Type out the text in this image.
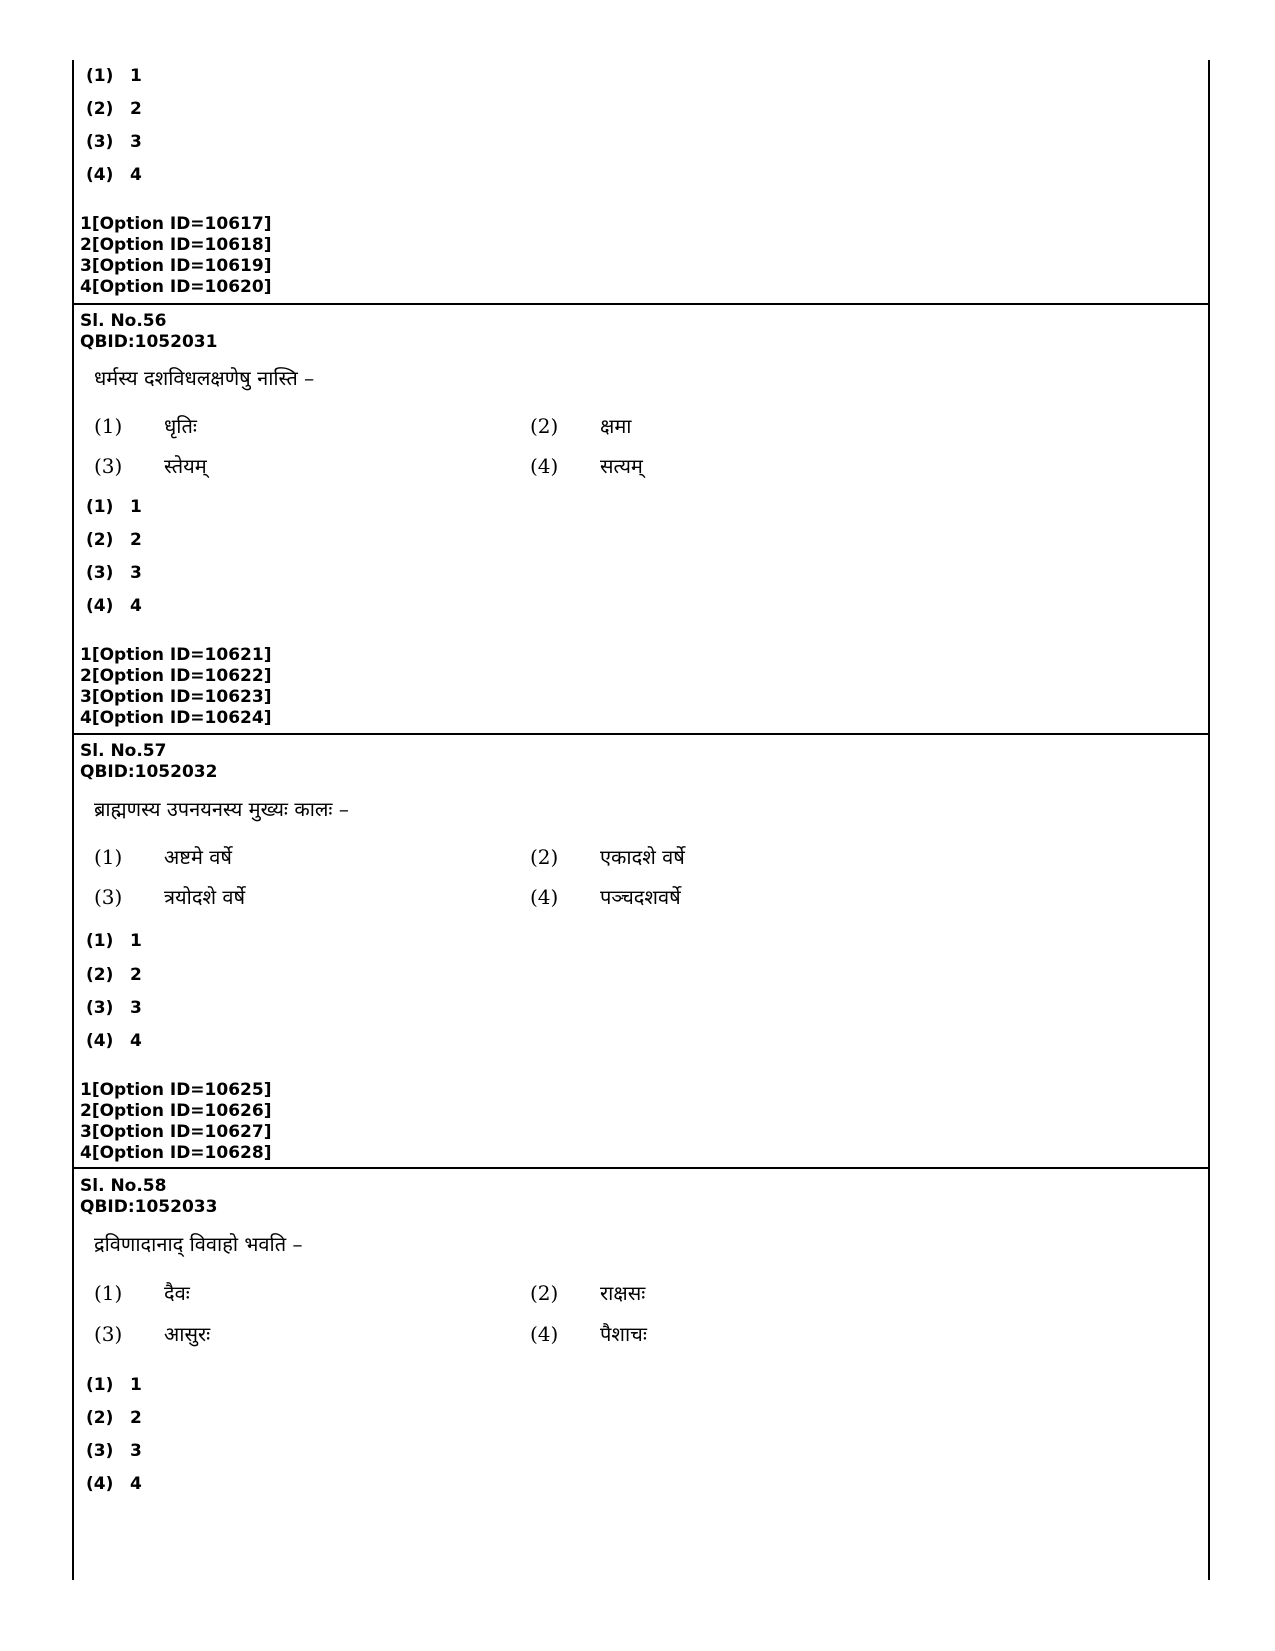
(1) 1
(2) 2
(3) 3
(4) 4
1[Option ID=10617]
2[Option ID=10618]
3[Option ID=10619]
4[Option ID=10620]
Sl. No.56
QBID:1052031
धर्मस्य दशविधलक्षणेषु नास्ति –
(1) धृतिः	(2) क्षमा
(3) स्तेयम्	(4) सत्यम्
(1) 1
(2) 2
(3) 3
(4) 4
1[Option ID=10621]
2[Option ID=10622]
3[Option ID=10623]
4[Option ID=10624]
Sl. No.57
QBID:1052032
ब्राह्मणस्य उपनयनस्य मुख्यः कालः –
(1) अष्टमे वर्षे	(2) एकादशे वर्षे
(3) त्रयोदशे वर्षे	(4) पञ्चदशवर्षे
(1) 1
(2) 2
(3) 3
(4) 4
1[Option ID=10625]
2[Option ID=10626]
3[Option ID=10627]
4[Option ID=10628]
Sl. No.58
QBID:1052033
द्रविणादानाद् विवाहो भवति –
(1) दैवः	(2) राक्षसः
(3) आसुरः	(4) पैशाचः
(1) 1
(2) 2
(3) 3
(4) 4
